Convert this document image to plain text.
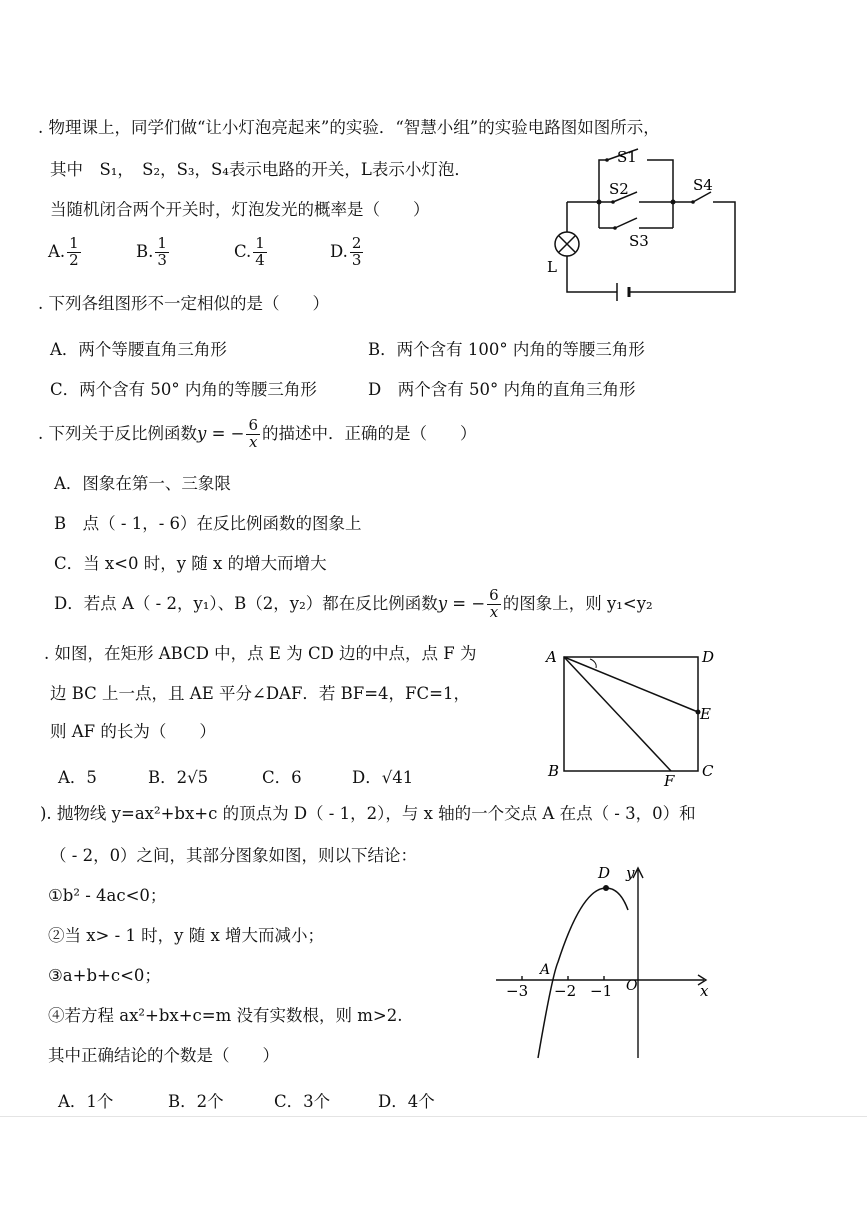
. 物理课上，同学们做“让小灯泡亮起来”的实验．“智慧小组”的实验电路图如图所示，
其中　S₁，　S₂，S₃，S₄表示电路的开关，L表示小灯泡．
当随机闭合两个开关时，灯泡发光的概率是（　　）
A. $\frac{1}{2}$	B. $\frac{1}{3}$	C. $\frac{1}{4}$	D. $\frac{2}{3}$
S1
S2
S3
S4
L
. 下列各组图形不一定相似的是（　　）
A．两个等腰直角三角形	B．两个含有 100° 内角的等腰三角形
C．两个含有 50° 内角的等腰三角形	D　两个含有 50° 内角的直角三角形
. 下列关于反比例函数y = − $\frac{6}{x}$ 的描述中．正确的是（　　）
A．图象在第一、三象限
B　点（ - 1，- 6）在反比例函数的图象上
C．当 x<0 时，y 随 x 的增大而增大
D．若点 A（ - 2，y₁）、B（2，y₂）都在反比例函数y = − $\frac{6}{x}$ 的图象上，则 y₁<y₂
. 如图，在矩形 ABCD 中，点 E 为 CD 边的中点，点 F 为
边 BC 上一点，且 AE 平分∠DAF．若 BF=4，FC=1，
则 AF 的长为（　　）
A．5	B．2√5	C．6	D．√41
A	D
E
B	C
F
). 抛物线 y=ax²+bx+c 的顶点为 D（ - 1，2），与 x 轴的一个交点 A 在点（ - 3，0）和
（ - 2，0）之间，其部分图象如图，则以下结论：
①b² - 4ac<0；
②当 x> - 1 时，y 随 x 增大而减小；
③a+b+c<0；
④若方程 ax²+bx+c=m 没有实数根，则 m>2.
其中正确结论的个数是（　　）
A．1个	B．2个	C．3个	D．4个
D y
A
x
O
−3 −2 −1
